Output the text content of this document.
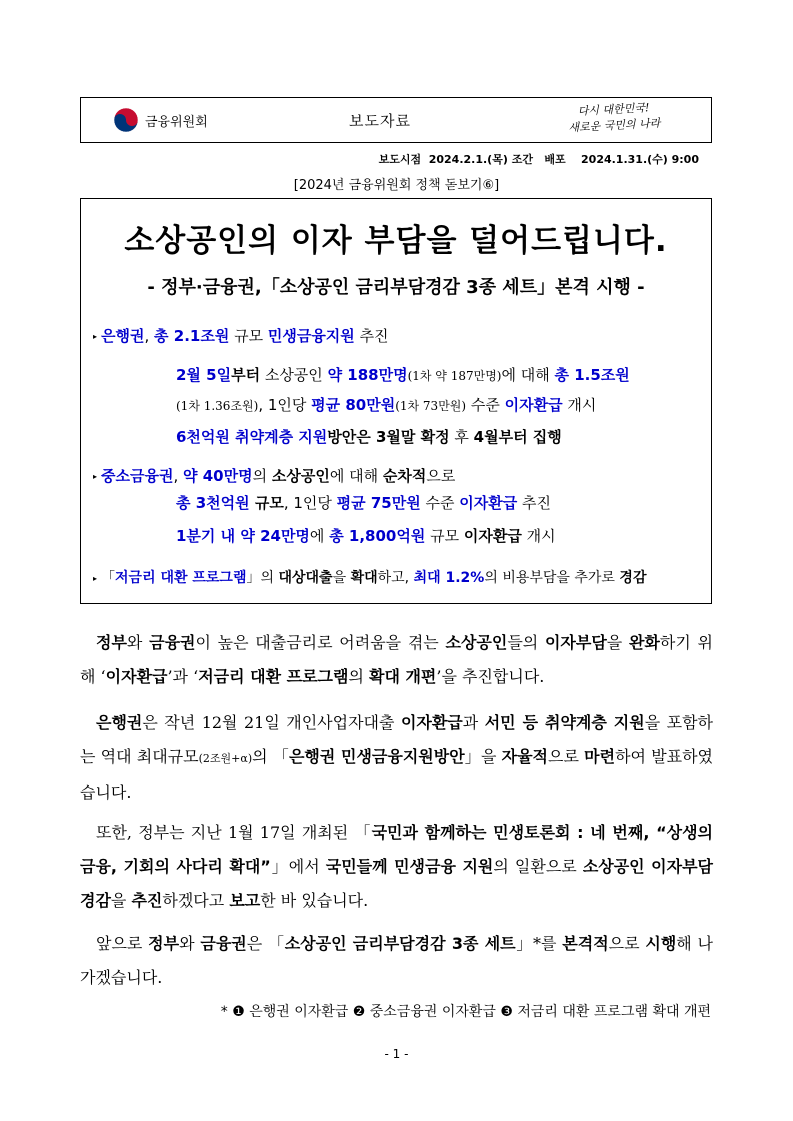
금융위원회	보도자료
다시 대한민국!
새로운 국민의 나라
보도시점  2024.2.1.(목) 조간   배포    2024.1.31.(수) 9:00
[2024년 금융위원회 정책 돋보기⑥]
소상공인의 이자 부담을 덜어드립니다.
- 정부·금융권,「소상공인 금리부담경감 3종 세트」본격 시행 -
▸ 은행권, 총 2.1조원 규모 민생금융지원 추진
2월 5일부터 소상공인 약 188만명(1차 약 187만명)에 대해 총 1.5조원
(1차 1.36조원), 1인당 평균 80만원(1차 73만원) 수준 이자환급 개시
6천억원 취약계층 지원방안은 3월말 확정 후 4월부터 집행
▸ 중소금융권, 약 40만명의 소상공인에 대해 순차적으로
총 3천억원 규모, 1인당 평균 75만원 수준 이자환급 추진
1분기 내 약 24만명에 총 1,800억원 규모 이자환급 개시
▸ 「저금리 대환 프로그램」의 대상대출을 확대하고, 최대 1.2%의 비용부담을 추가로 경감
정부와 금융권이 높은 대출금리로 어려움을 겪는 소상공인들의 이자부담을 완화하기 위해 ‘이자환급’과 ‘저금리 대환 프로그램의 확대 개편’을 추진합니다.
은행권은 작년 12월 21일 개인사업자대출 이자환급과 서민 등 취약계층 지원을 포함하는 역대 최대규모(2조원+α)의 「은행권 민생금융지원방안」을 자율적으로 마련하여 발표하였습니다.
또한, 정부는 지난 1월 17일 개최된 「국민과 함께하는 민생토론회 : 네 번째, “상생의 금융, 기회의 사다리 확대”」에서 국민들께 민생금융 지원의 일환으로 소상공인 이자부담 경감을 추진하겠다고 보고한 바 있습니다.
앞으로 정부와 금융권은 「소상공인 금리부담경감 3종 세트」*를 본격적으로 시행해 나가겠습니다.
* ❶ 은행권 이자환급 ❷ 중소금융권 이자환급 ❸ 저금리 대환 프로그램 확대 개편
- 1 -
